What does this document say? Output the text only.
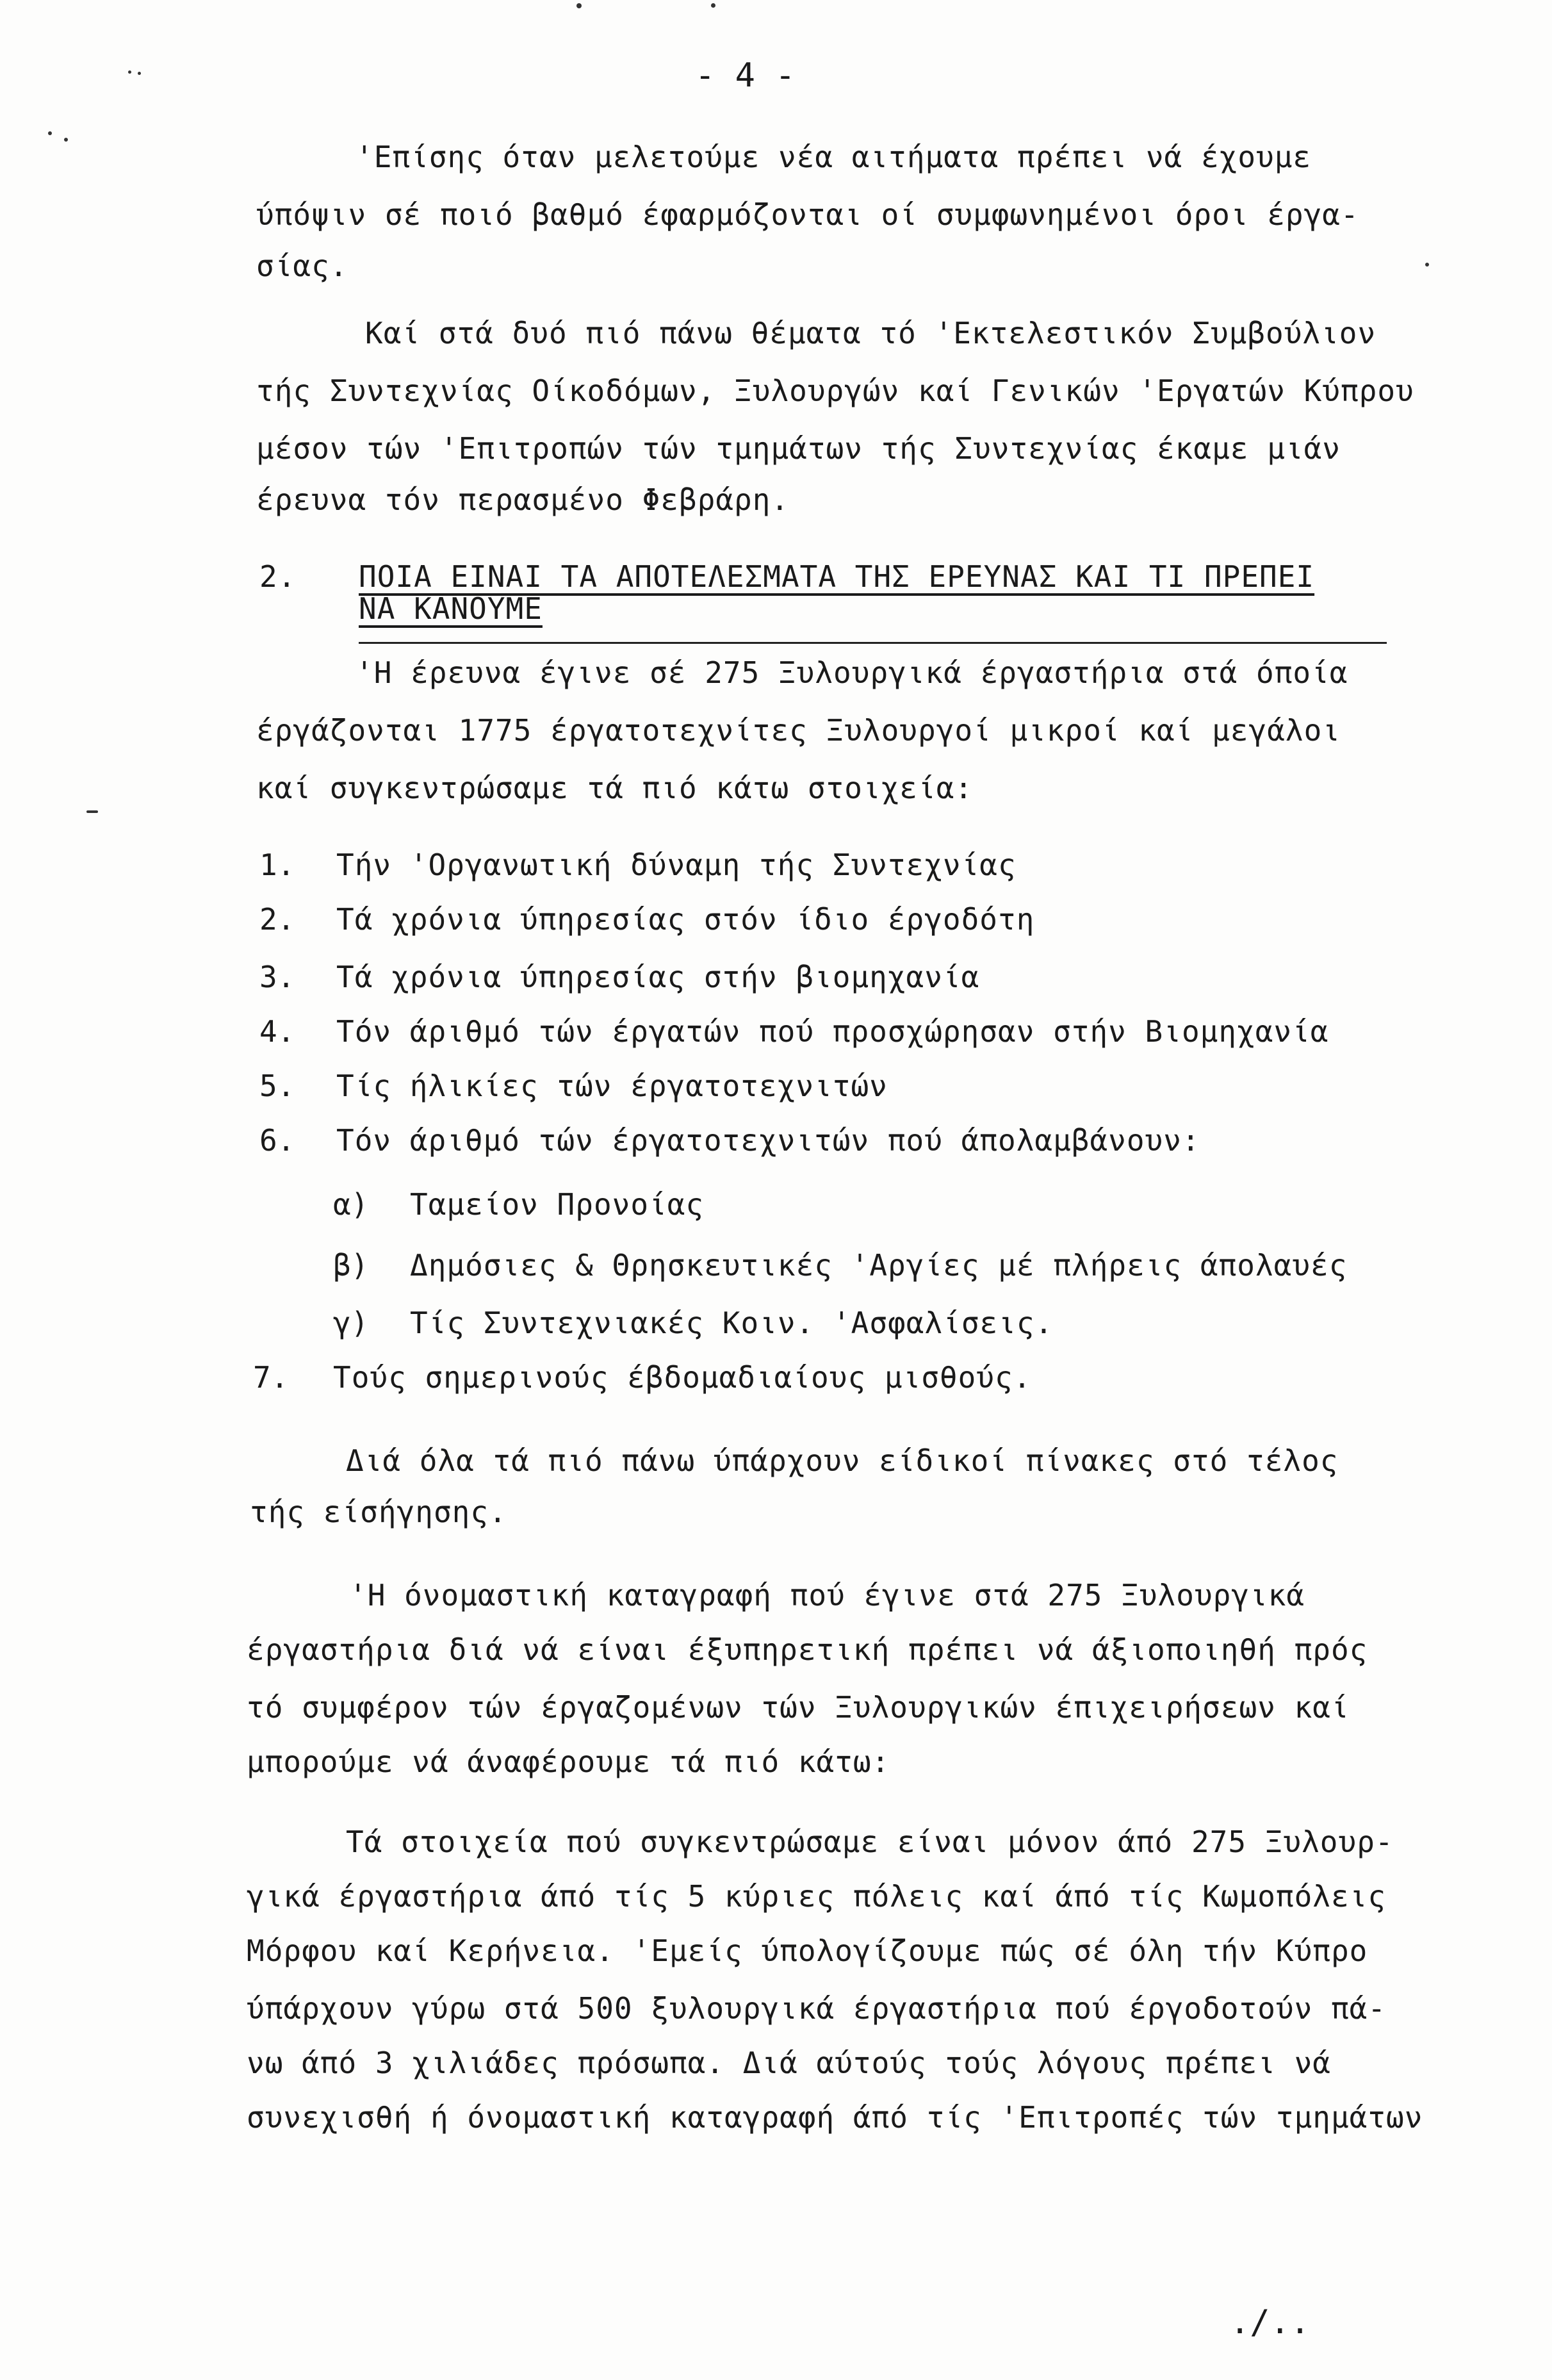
- 4 -
'Επίσης όταν μελετούμε νέα αιτήματα πρέπει νά έχουμε
ύπόψιν σέ ποιό βαθμό έφαρμόζονται οί συμφωνημένοι όροι έργα-
σίας.
Καί στά δυό πιό πάνω θέματα τό 'Εκτελεστικόν Συμβούλιον
τής Συντεχνίας Οίκοδόμων, Ξυλουργών καί Γενικών 'Εργατών Κύπρου
μέσον τών 'Επιτροπών τών τμημάτων τής Συντεχνίας έκαμε μιάν
έρευνα τόν περασμένο Φεβράρη.
2. ΠΟΙΑ ΕΙΝΑΙ ΤΑ ΑΠΟΤΕΛΕΣΜΑΤΑ ΤΗΣ ΕΡΕΥΝΑΣ ΚΑΙ ΤΙ ΠΡΕΠΕΙ
ΝΑ ΚΑΝΟΥΜΕ
'Η έρευνα έγινε σέ 275 Ξυλουργικά έργαστήρια στά όποία
έργάζονται 1775 έργατοτεχνίτες Ξυλουργοί μικροί καί μεγάλοι
καί συγκεντρώσαμε τά πιό κάτω στοιχεία:
1. Τήν 'Οργανωτική δύναμη τής Συντεχνίας
2. Τά χρόνια ύπηρεσίας στόν ίδιο έργοδότη
3. Τά χρόνια ύπηρεσίας στήν βιομηχανία
4. Τόν άριθμό τών έργατών πού προσχώρησαν στήν Βιομηχανία
5. Τίς ήλικίες τών έργατοτεχνιτών
6. Τόν άριθμό τών έργατοτεχνιτών πού άπολαμβάνουν:
α) Ταμείον Προνοίας
β) Δημόσιες & Θρησκευτικές 'Αργίες μέ πλήρεις άπολαυές
γ) Τίς Συντεχνιακές Κοιν. 'Ασφαλίσεις.
7. Τούς σημερινούς έβδομαδιαίους μισθούς.
Διά όλα τά πιό πάνω ύπάρχουν είδικοί πίνακες στό τέλος
τής είσήγησης.
'Η όνομαστική καταγραφή πού έγινε στά 275 Ξυλουργικά
έργαστήρια διά νά είναι έξυπηρετική πρέπει νά άξιοποιηθή πρός
τό συμφέρον τών έργαζομένων τών Ξυλουργικών έπιχειρήσεων καί
μπορούμε νά άναφέρουμε τά πιό κάτω:
Τά στοιχεία πού συγκεντρώσαμε είναι μόνον άπό 275 Ξυλουρ-
γικά έργαστήρια άπό τίς 5 κύριες πόλεις καί άπό τίς Κωμοπόλεις
Μόρφου καί Κερήνεια. 'Εμείς ύπολογίζουμε πώς σέ όλη τήν Κύπρο
ύπάρχουν γύρω στά 500 ξυλουργικά έργαστήρια πού έργοδοτούν πά-
νω άπό 3 χιλιάδες πρόσωπα. Διά αύτούς τούς λόγους πρέπει νά
συνεχισθή ή όνομαστική καταγραφή άπό τίς 'Επιτροπές τών τμημάτων
./..
